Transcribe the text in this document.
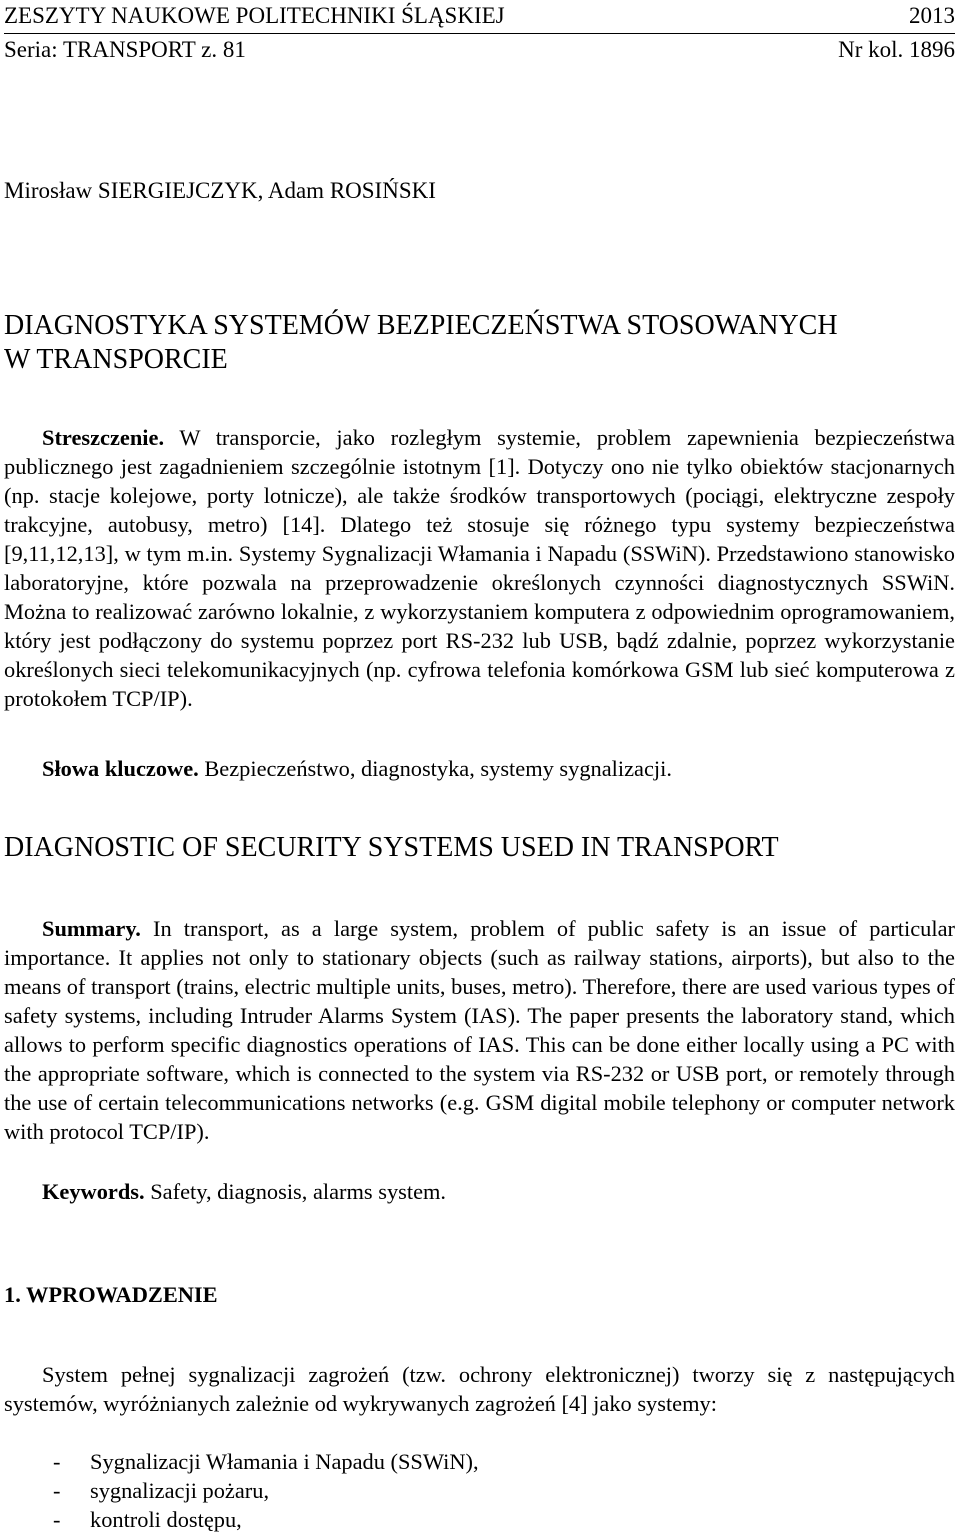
ZESZYTY NAUKOWE POLITECHNIKI ŚLĄSKIEJ	2013
Seria: TRANSPORT z. 81	Nr kol. 1896
Mirosław SIERGIEJCZYK, Adam ROSIŃSKI
DIAGNOSTYKA SYSTEMÓW BEZPIECZEŃSTWA STOSOWANYCH
W TRANSPORCIE
Streszczenie. W transporcie, jako rozległym systemie, problem zapewnienia bezpieczeństwa publicznego jest zagadnieniem szczególnie istotnym [1]. Dotyczy ono nie tylko obiektów stacjonarnych (np. stacje kolejowe, porty lotnicze), ale także środków transportowych (pociągi, elektryczne zespoły trakcyjne, autobusy, metro) [14]. Dlatego też stosuje się różnego typu systemy bezpieczeństwa [9,11,12,13], w tym m.in. Systemy Sygnalizacji Włamania i Napadu (SSWiN). Przedstawiono stanowisko laboratoryjne, które pozwala na przeprowadzenie określonych czynności diagnostycznych SSWiN. Można to realizować zarówno lokalnie, z wykorzystaniem komputera z odpowiednim oprogramowaniem, który jest podłączony do systemu poprzez port RS-232 lub USB, bądź zdalnie, poprzez wykorzystanie określonych sieci telekomunikacyjnych (np. cyfrowa telefonia komórkowa GSM lub sieć komputerowa z protokołem TCP/IP).
Słowa kluczowe. Bezpieczeństwo, diagnostyka, systemy sygnalizacji.
DIAGNOSTIC OF SECURITY SYSTEMS USED IN TRANSPORT
Summary. In transport, as a large system, problem of public safety is an issue of particular importance. It applies not only to stationary objects (such as railway stations, airports), but also to the means of transport (trains, electric multiple units, buses, metro). Therefore, there are used various types of safety systems, including Intruder Alarms System (IAS). The paper presents the laboratory stand, which allows to perform specific diagnostics operations of IAS. This can be done either locally using a PC with the appropriate software, which is connected to the system via RS-232 or USB port, or remotely through the use of certain telecommunications networks (e.g. GSM digital mobile telephony or computer network with protocol TCP/IP).
Keywords. Safety, diagnosis, alarms system.
1. WPROWADZENIE
System pełnej sygnalizacji zagrożeń (tzw. ochrony elektronicznej) tworzy się z następujących systemów, wyróżnianych zależnie od wykrywanych zagrożeń [4] jako systemy:
- Sygnalizacji Włamania i Napadu (SSWiN),
- sygnalizacji pożaru,
- kontroli dostępu,
